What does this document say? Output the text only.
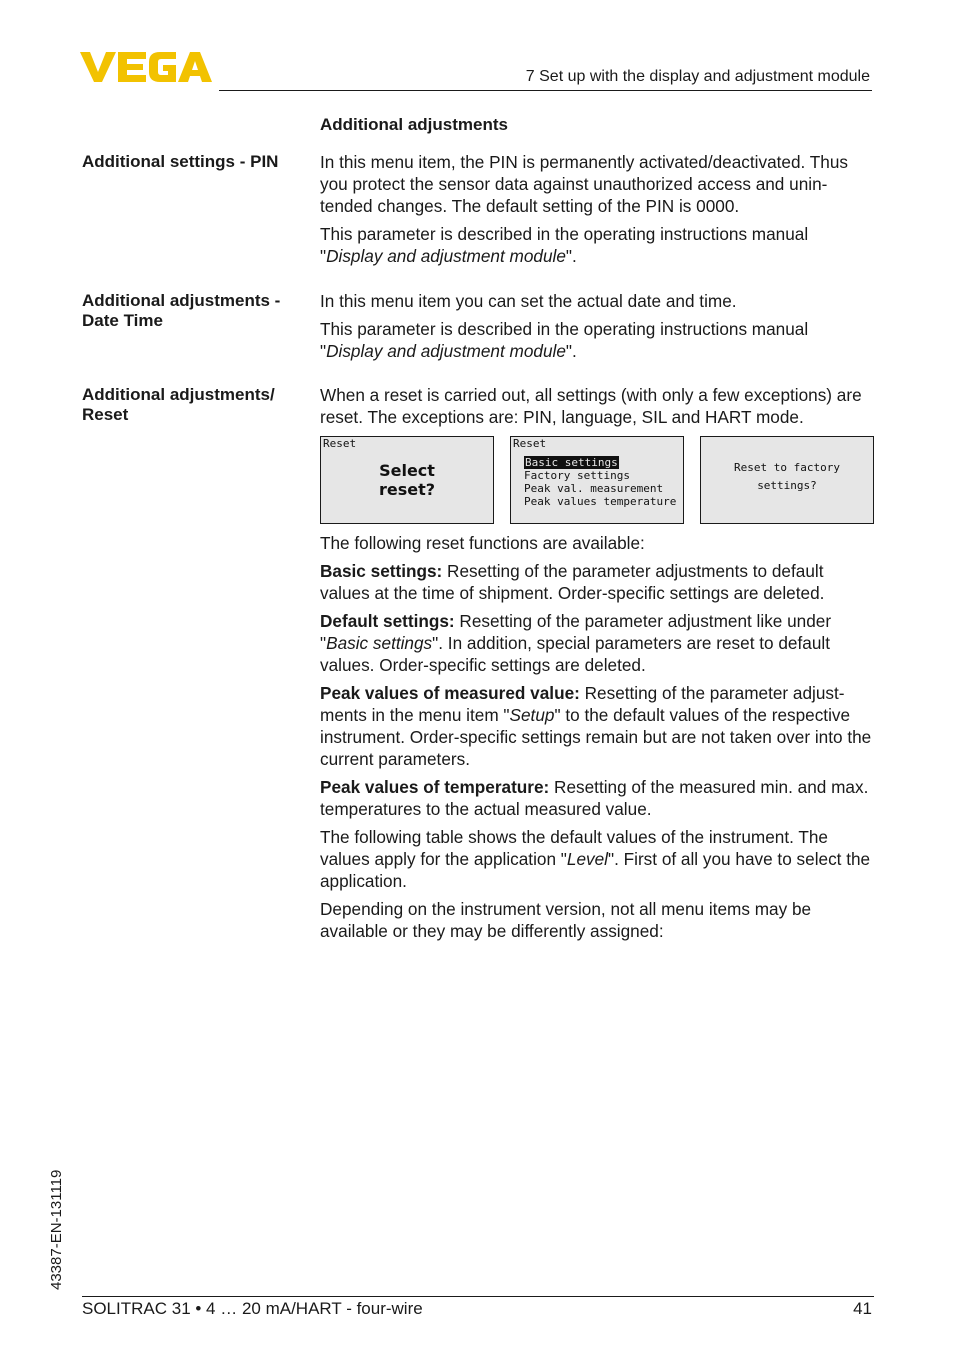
7 Set up with the display and adjustment module
Additional adjustments
Additional settings - PIN	In this menu item, the PIN is permanently activated/deactivated. Thus you protect the sensor data against unauthorized access and unin-tended changes. The default setting of the PIN is 0000.

This parameter is described in the operating instructions manual "Display and adjustment module".

Additional adjustments -
Date Time

In this menu item you can set the actual date and time.

This parameter is described in the operating instructions manual "Display and adjustment module".

Additional adjustments/
Reset

When a reset is carried out, all settings (with only a few exceptions) are reset. The exceptions are: PIN, language, SIL and HART mode.

Reset
Select
reset?
Reset
Basic settings
Factory settings
Peak val. measurement
Peak values temperature
Reset to factory
settings?

The following reset functions are available:

Basic settings: Resetting of the parameter adjustments to default values at the time of shipment. Order-specific settings are deleted.

Default settings: Resetting of the parameter adjustment like under "Basic settings". In addition, special parameters are reset to default values. Order-specific settings are deleted.

Peak values of measured value: Resetting of the parameter adjust-ments in the menu item "Setup" to the default values of the respective instrument. Order-specific settings remain but are not taken over into the current parameters.

Peak values of temperature: Resetting of the measured min. and max. temperatures to the actual measured value.

The following table shows the default values of the instrument. The values apply for the application "Level". First of all you have to select the application.

Depending on the instrument version, not all menu items may be available or they may be differently assigned:

43387-EN-131119
SOLITRAC 31 • 4 … 20 mA/HART - four-wire	41
